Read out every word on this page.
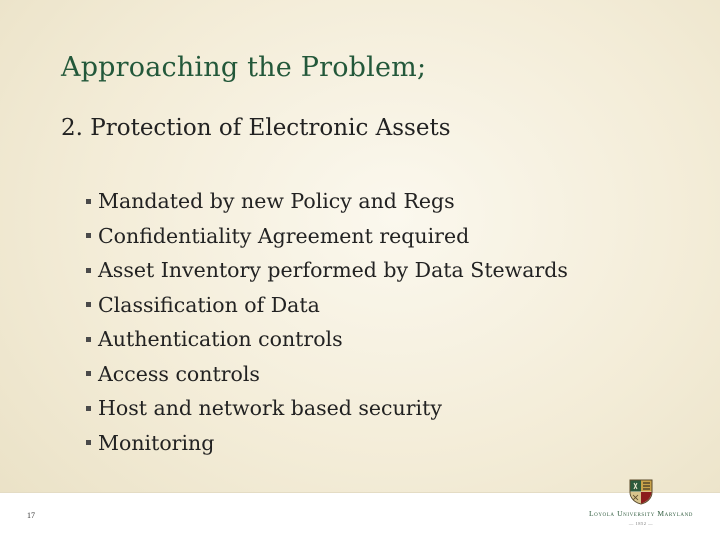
Approaching the Problem;
2. Protection of Electronic Assets
Mandated by new Policy and Regs
Confidentiality Agreement required
Asset Inventory performed by Data Stewards
Classification of Data
Authentication controls
Access controls
Host and network based security
Monitoring
17	Loyola University Maryland
— 1852 —
